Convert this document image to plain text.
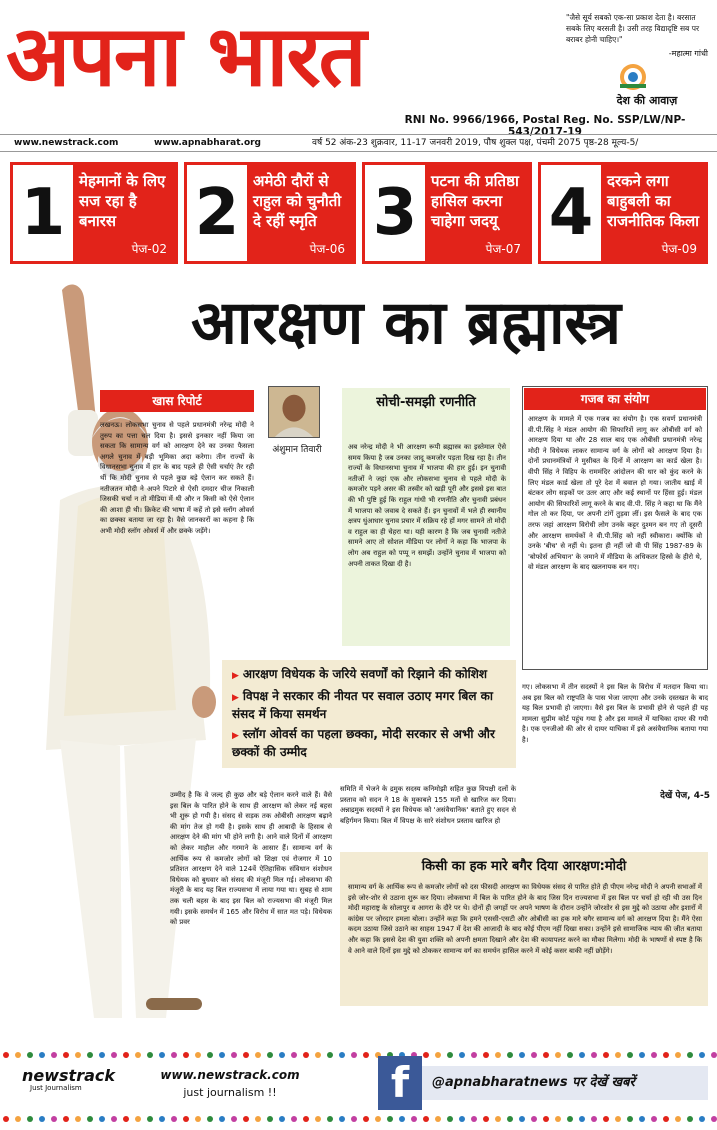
अपना भारत	"जैसे सूर्य सबको एक-सा प्रकाश देता है। बरसात सबके लिए बरसती है। उसी तरह विद्यादृष्टि सब पर बराबर होनी चाहिए।"
-महात्मा गांधी
देश की आवाज़
RNI No. 9966/1966, Postal Reg. No. SSP/LW/NP-543/2017-19
www.newstrack.com	www.apnabharat.org	वर्ष 52 अंक-23 शुक्रवार, 11-17 जनवरी 2019, पौष शुक्ल पक्ष, पंचमी 2075 पृष्ठ-28 मूल्य-5/
1 मेहमानों के लिए सज रहा है बनारस
पेज-02 2 अमेठी दौरों से राहुल को चुनौती दे रहीं स्मृति
पेज-06 3 पटना की प्रतिष्ठा हासिल करना चाहेगा जदयू
पेज-07 4 दरकने लगा बाहुबली का राजनीतिक किला
पेज-09
आरक्षण का ब्रह्मास्त्र
खास रिपोर्ट
लखनऊ। लोकसभा चुनाव से पहले प्रधानमंत्री नरेन्द्र मोदी ने तुरुप का पत्ता चल दिया है। इससे इनकार नहीं किया जा सकता कि सामान्य वर्ग को आरक्षण देने का उनका फैसला अगले चुनाव में बड़ी भूमिका अदा करेगा। तीन राज्यों के विधानसभा चुनाव में हार के बाद पहले ही ऐसी चर्चाएं तैर रही थीं कि मोदी चुनाव से पहले कुछ बड़े ऐलान कर सकते हैं। नतीजतन मोदी ने अपने पिटारे से ऐसी दमदार चीज निकाली जिसकी चर्चा न तो मीडिया में थी और न किसी को ऐसे ऐलान की आशा ही थी। क्रिकेट की भाषा में कहें तो इसे स्लॉग ओवर्स का छक्का बताया जा रहा है। वैसे जानकारों का कहना है कि अभी मोदी स्लॉग ओवर्स में और छक्के जड़ेंगे।
अंशुमान तिवारी
सोची-समझी रणनीति
अब नरेन्द्र मोदी ने भी आरक्षण रूपी ब्रह्मास्त्र का इस्तेमाल ऐसे समय किया है जब उनका जादू कमजोर पड़ता दिख रहा है। तीन राज्यों के विधानसभा चुनाव में भाजपा की हार हुई। इन चुनावी नतीजों ने जहां एक और लोकसभा चुनाव से पहले मोदी के कमजोर पड़ने असर की तस्वीर को खड़ी पूरी और इससे इस बात की भी पुष्टि हुई कि राहुल गांधी भी रणनीति और चुनावी प्रबंधन में भाजपा को जवाब दे सकते हैं। इन चुनावों में भले ही स्थानीय क्षत्रप धुंआधार चुनाव प्रचार में सक्रिय रहे हों मगर सामने तो मोदी व राहुल का ही चेहरा था। यही कारण है कि जब चुनावी नतीजे सामने आए तो सोशल मीडिया पर लोगों ने कहा कि भाजपा के लोग अब राहुल को पप्पू न समझें। उन्होंने चुनाव में भाजपा को अपनी ताकत दिखा दी है।
गजब का संयोग
आरक्षण के मामले में एक गजब का संयोग है। एक सवर्ण प्रधानमंत्री वी.पी.सिंह ने मंडल आयोग की सिफारिशें लागू कर ओबीसी वर्ग को आरक्षण दिया था और 28 साल बाद एक ओबीसी प्रधानमंत्री नरेन्द्र मोदी ने विधेयक लाकर सामान्य वर्ग के लोगों को आरक्षण दिया है। दोनों प्रधानमंत्रियों ने मुसीबत के दिनों में आरक्षण का कार्ड खेला है। वीपी सिंह ने विहिप के राममंदिर आंदोलन की धार को कुंद करने के लिए मंडल कार्ड खेला तो पूरे देश में बवाल हो गया। जातीय खाई में बंटकर लोग सड़कों पर उतर आए और कई स्थानों पर हिंसा हुई। मंडल आयोग की सिफारिशें लागू करने के बाद वी.पी. सिंह ने कहा था कि मैंने गोल तो कर दिया, पर अपनी टांगें तुड़वा लीं। इस फैसले के बाद एक तरफ जहां आरक्षण विरोधी लोग उनके कट्टर दुश्मन बन गए तो दूसरी और आरक्षण समर्थकों ने वी.पी.सिंह को नहीं स्वीकारा। क्योंकि वो उनके 'बीच' से नहीं थे। इतना ही नहीं जो वी पी सिंह 1987-89 के 'बोफोर्स अभियान' के जमाने में मीडिया के अधिकतर हिस्से के हीरो थे, वो मंडल आरक्षण के बाद खलनायक बन गए।
▶ आरक्षण विधेयक के जरिये सवर्णों को रिझाने की कोशिश
▶ विपक्ष ने सरकार की नीयत पर सवाल उठाए मगर बिल का संसद में किया समर्थन
▶ स्लॉग ओवर्स का पहला छक्का, मोदी सरकार से अभी और छक्कों की उम्मीद
गए। लोकसभा में तीन सदस्यों ने इस बिल के विरोध में मतदान किया था। अब इस बिल को राष्ट्रपति के पास भेजा जाएगा और उनके दस्तखत के बाद यह बिल प्रभावी हो जाएगा। वैसे इस बिल के प्रभावी होने से पहले ही यह मामला सुप्रीम कोर्ट पहुंच गया है और इस मामले में याचिका दायर की गयी है। एक एनजीओ की ओर से दायर याचिका में इसे असंवैधानिक बताया गया है।
देखें पेज, 4-5
उम्मीद है कि वे जल्द ही कुछ और बड़े ऐलान करने वाले हैं। वैसे इस बिल के पारित होने के साथ ही आरक्षण को लेकर नई बहस भी शुरू हो गयी है। संसद से सड़क तक ओबीसी आरक्षण बढ़ाने की मांग तेज हो गयी है। इसके साथ ही आबादी के हिसाब से आरक्षण देने की मांग भी होने लगी है। आने वाले दिनों में आरक्षण को लेकर माहौल और गरमाने के आसार हैं। सामान्य वर्ग के आर्थिक रूप से कमजोर लोगों को शिक्षा एवं रोजगार में 10 प्रतिशत आरक्षण देने वाले 124वें ऐतिहासिक संविधान संशोधन विधेयक को बुधवार को संसद की मंजूरी मिल गई। लोकसभा की मंजूरी के बाद यह बिल राज्यसभा में लाया गया था। सुबह से शाम तक चली बहस के बाद इस बिल को राज्यसभा की मंजूरी मिल गयी। इसके समर्थन में 165 और विरोध में सात मत पड़े। विधेयक को प्रवर
समिति में भेजने के द्रमुक सदस्य कनिमोझी सहित कुछ विपक्षी दलों के प्रस्ताव को सदन ने 18 के मुकाबले 155 मतों से खारिज कर दिया। अन्नाद्रमुक सदस्यों ने इस विधेयक को 'असंवैधानिक' बताते हुए सदन से बहिर्गमन किया। बिल में विपक्ष के सारे संशोधन प्रस्ताव खारिज हो
किसी का हक मारे बगैर दिया आरक्षण:मोदी
सामान्य वर्ग के आर्थिक रूप से कमजोर लोगों को दस फीसदी आरक्षण का विधेयक संसद से पारित होते ही पीएम नरेन्द्र मोदी ने अपनी सभाओं में इसे जोर-शोर से उठाना शुरू कर दिया। लोकसभा में बिल के पारित होने के बाद जिस दिन राज्यसभा में इस बिल पर चर्चा हो रही थी उस दिन मोदी महाराष्ट्र के सोलापुर व आगरा के दौरे पर थे। दोनों ही जगहों पर अपने भाषण के दौरान उन्होंने जोरशोर से इस मुद्दे को उठाया और इशारों में कांग्रेस पर जोरदार हमला बोला। उन्होंने कहा कि हमने एससी-एसटी और ओबीसी का हक मारे बगैर सामान्य वर्ग को आरक्षण दिया है। मैंने ऐसा कदम उठाया जिसे उठाने का साहस 1947 में देश की आजादी के बाद कोई पीएम नहीं दिखा सका। उन्होंने इसे सामाजिक न्याय की जीत बताया और कहा कि इससे देश की युवा शक्ति को अपनी क्षमता दिखाने और देश की कायापलट करने का मौका मिलेगा। मोदी के भाषणों से स्पष्ट है कि वे आने वाले दिनों इस मुद्दे को ठोककर सामान्य वर्ग का समर्थन हासिल करने में कोई कसर बाकी नहीं छोड़ेंगे।
newstrack
Just Journalism
www.newstrack.com
just journalism !!	f	@apnabharatnews पर देखें खबरें
